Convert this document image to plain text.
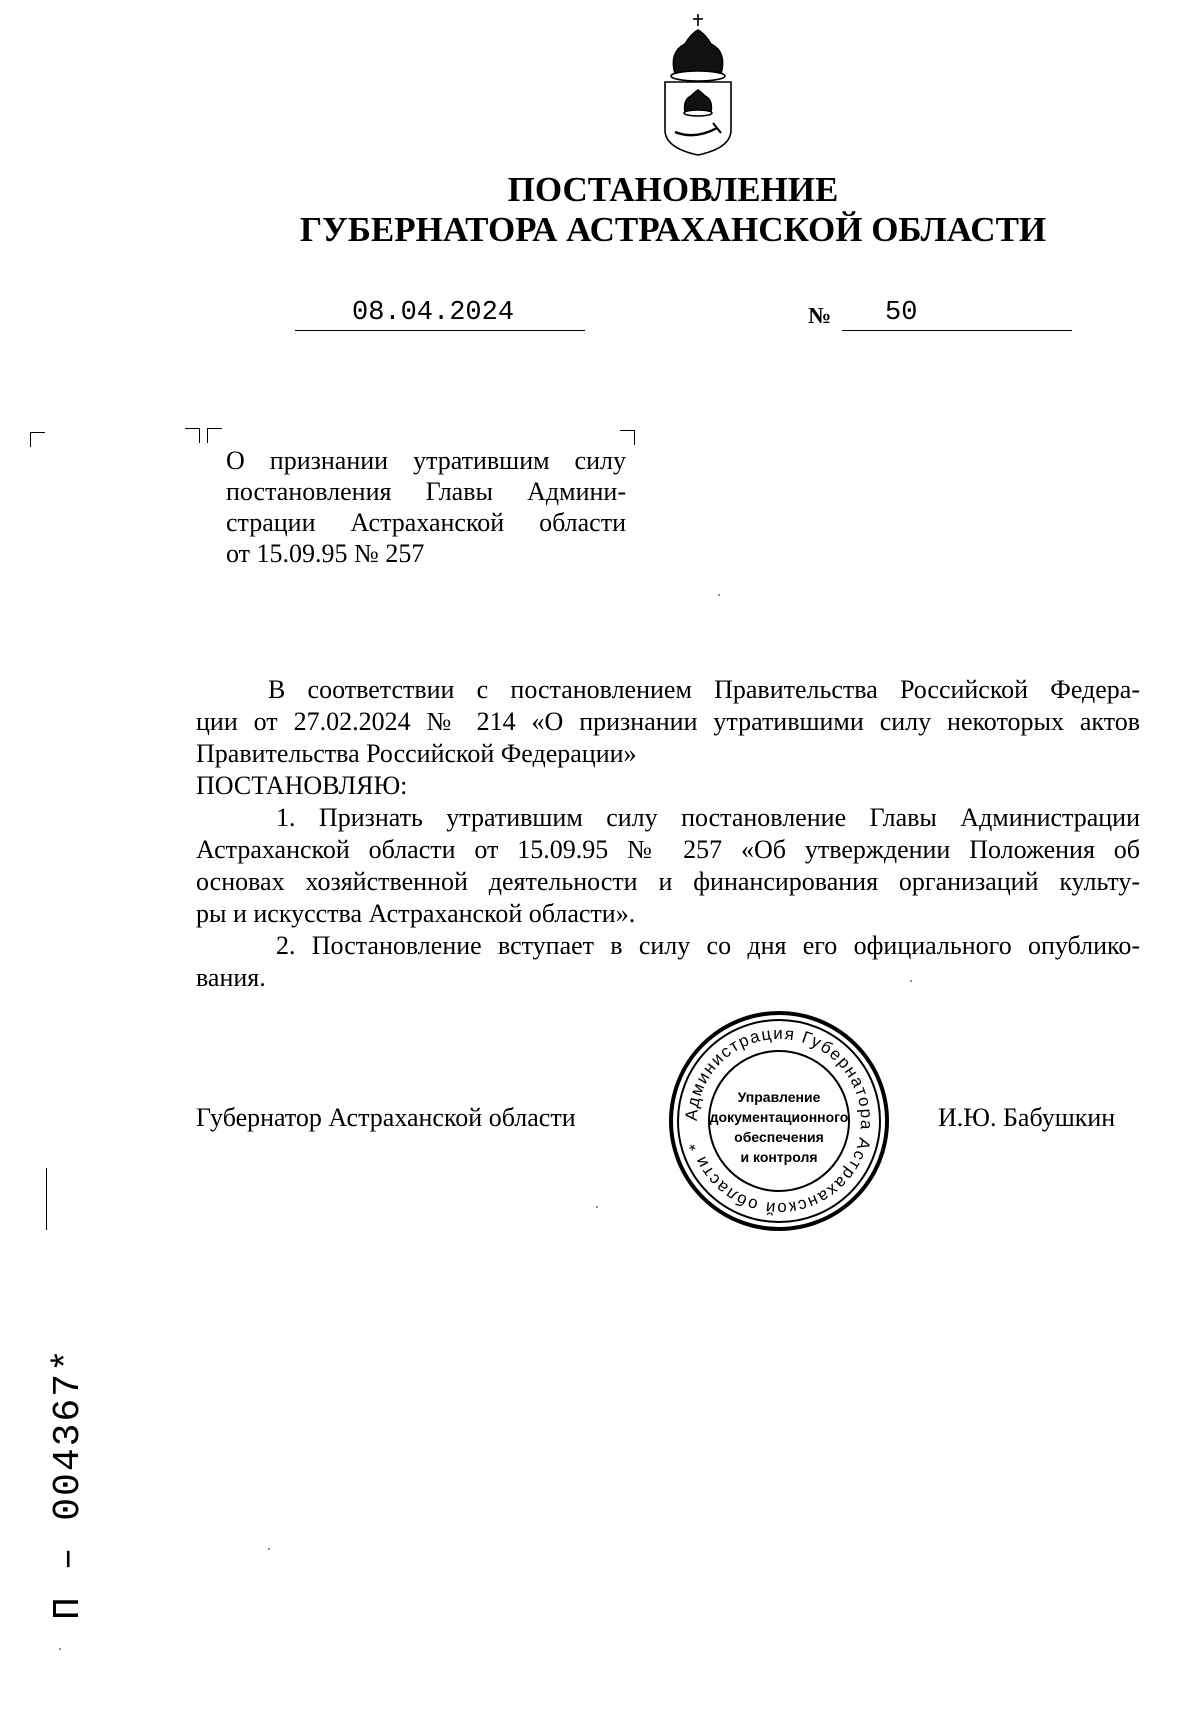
ПОСТАНОВЛЕНИЕ
ГУБЕРНАТОРА АСТРАХАНСКОЙ ОБЛАСТИ
08.04.2024	№ 50
О признании утратившим силу
постановления Главы Админи-
страции Астраханской области
от 15.09.95 № 257
В соответствии с постановлением Правительства Российской Федера-
ции от 27.02.2024 № 214 «О признании утратившими силу некоторых актов
Правительства Российской Федерации»
ПОСТАНОВЛЯЮ:
1. Признать утратившим силу постановление Главы Администрации
Астраханской области от 15.09.95 № 257 «Об утверждении Положения об
основах хозяйственной деятельности и финансирования организаций культу-
ры и искусства Астраханской области».
2. Постановление вступает в силу со дня его официального опублико-
вания.
Губернатор Астраханской области	И.Ю. Бабушкин
Администрация Губернатора Астраханской области *
Управление
документационного
обеспечения
и контроля
П – 004367*
